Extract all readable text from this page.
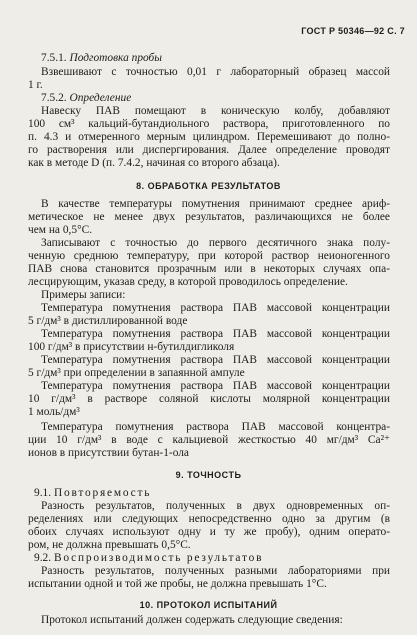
ГОСТ Р 50346—92 С. 7
7.5.1. Подготовка пробы
Взвешивают с точностью 0,01 г лабораторный образец массой
1 г.
7.5.2. Определение
Навеску ПАВ помещают в коническую колбу, добавляют
100 см³ кальций-бутандиольного раствора, приготовленного по
п. 4.3 и отмеренного мерным цилиндром. Перемешивают до полно-
го растворения или диспергирования. Далее определение проводят
как в методе D (п. 7.4.2, начиная со второго абзаца).
8. ОБРАБОТКА РЕЗУЛЬТАТОВ
В качестве температуры помутнения принимают среднее ариф-
метическое не менее двух результатов, различающихся не более
чем на 0,5°С.
Записывают с точностью до первого десятичного знака полу-
ченную среднюю температуру, при которой раствор неионогенного
ПАВ снова становится прозрачным или в некоторых случаях опа-
лесцирующим, указав среду, в которой проводилось определение.
Примеры записи:
Температура помутнения раствора ПАВ массовой концентрации
5 г/дм³ в дистиллированной воде
Температура помутнения раствора ПАВ массовой концентрации
100 г/дм³ в присутствии н-бутилдигликоля
Температура помутнения раствора ПАВ массовой концентрации
5 г/дм³ при определении в запаянной ампуле
Температура помутнения раствора ПАВ массовой концентрации
10 г/дм³ в растворе соляной кислоты молярной концентрации
1 моль/дм³
Температура помутнения раствора ПАВ массовой концентра-
ции 10 г/дм³ в воде с кальциевой жесткостью 40 мг/дм³ Ca²⁺
ионов в присутствии бутан-1-ола
9. ТОЧНОСТЬ
9.1. Повторяемость
Разность результатов, полученных в двух одновременных оп-
ределениях или следующих непосредственно одно за другим (в
обоих случаях используют одну и ту же пробу), одним операто-
ром, не должна превышать 0,5°С.
9.2. Воспроизводимость результатов
Разность результатов, полученных разными лабораториями при
испытании одной и той же пробы, не должна превышать 1°С.
10. ПРОТОКОЛ ИСПЫТАНИЙ
Протокол испытаний должен содержать следующие сведения:
